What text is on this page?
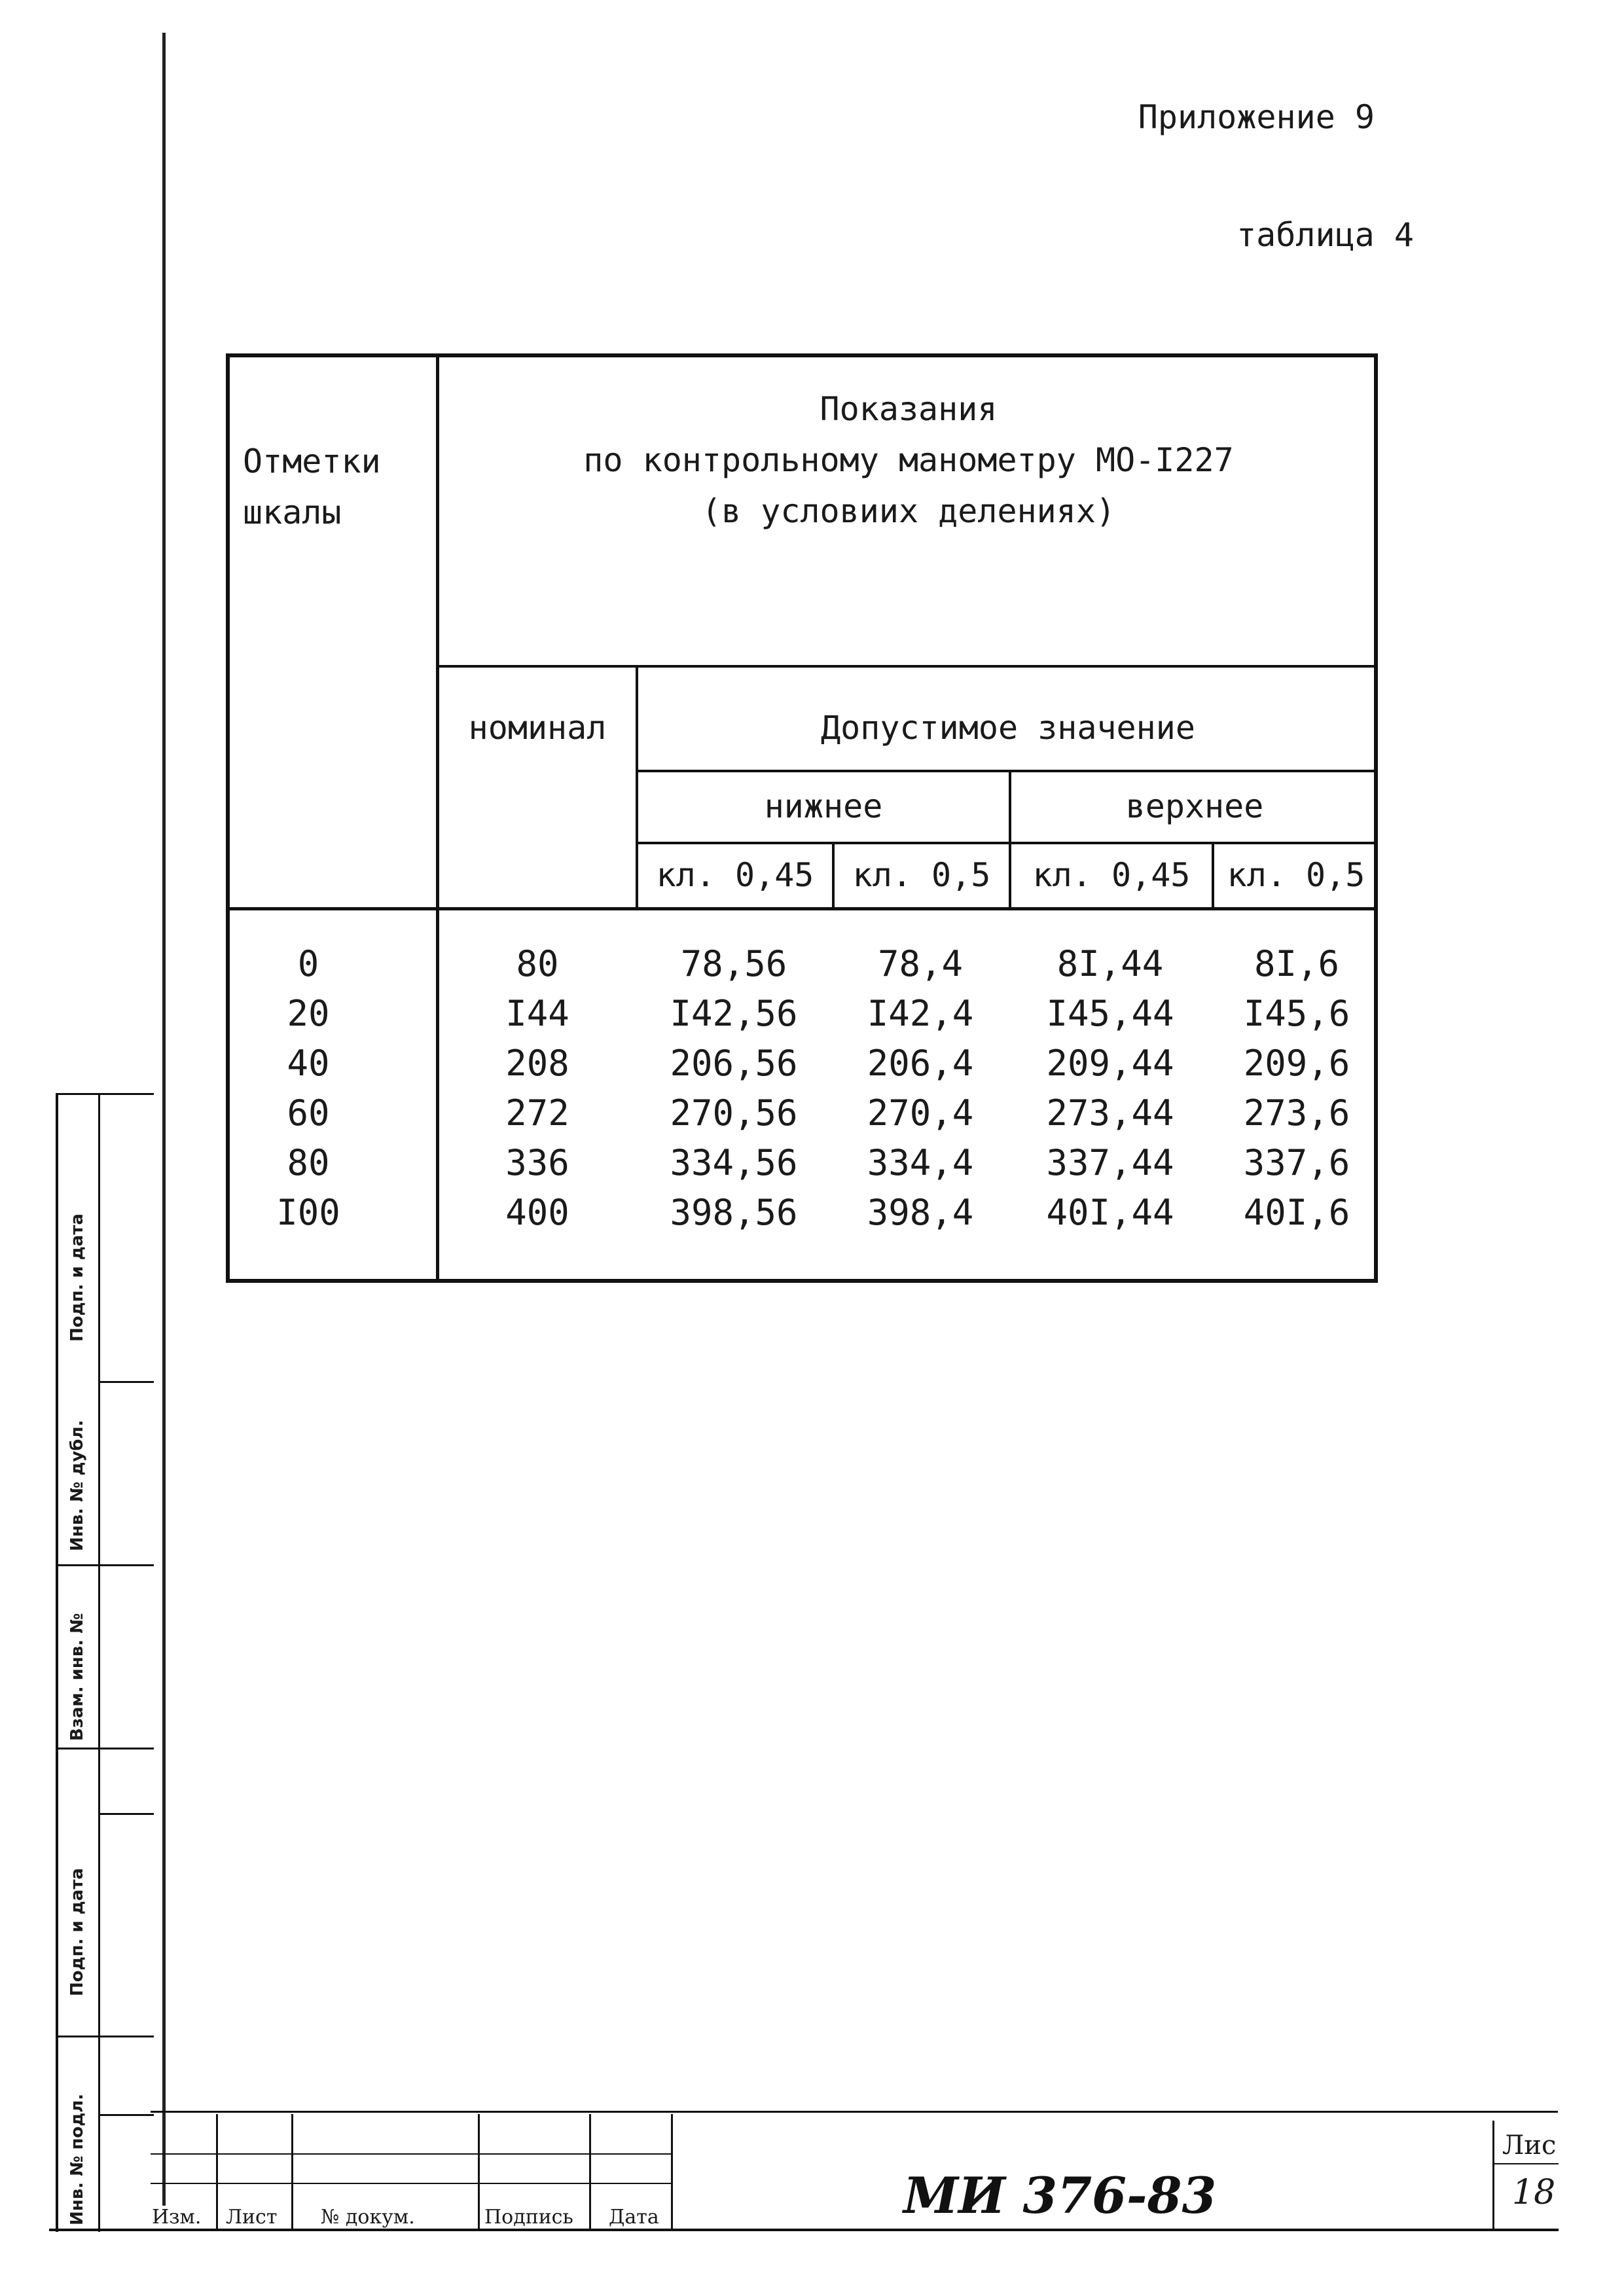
Приложение 9
таблица 4
Отметки
шкалы
Показания
по контрольному манометру МО-I227
(в условиих делениях)
номинал	Допустимое значение
нижнее	верхнее
кл. 0,45	кл. 0,5	кл. 0,45	кл. 0,5
0	80	78,56	78,4	8I,44	8I,6
20	I44	I42,56	I42,4	I45,44	I45,6
40	208	206,56	206,4	209,44	209,6
60	272	270,56	270,4	273,44	273,6
80	336	334,56	334,4	337,44	337,6
I00	400	398,56	398,4	40I,44	40I,6
Подп. и дата
Инв. № дубл.
Взам. инв. №
Подп. и дата
Инв. № подл.	Изм. Лист № докум.	Подпись Дата	МИ 376-83
Лис
18
